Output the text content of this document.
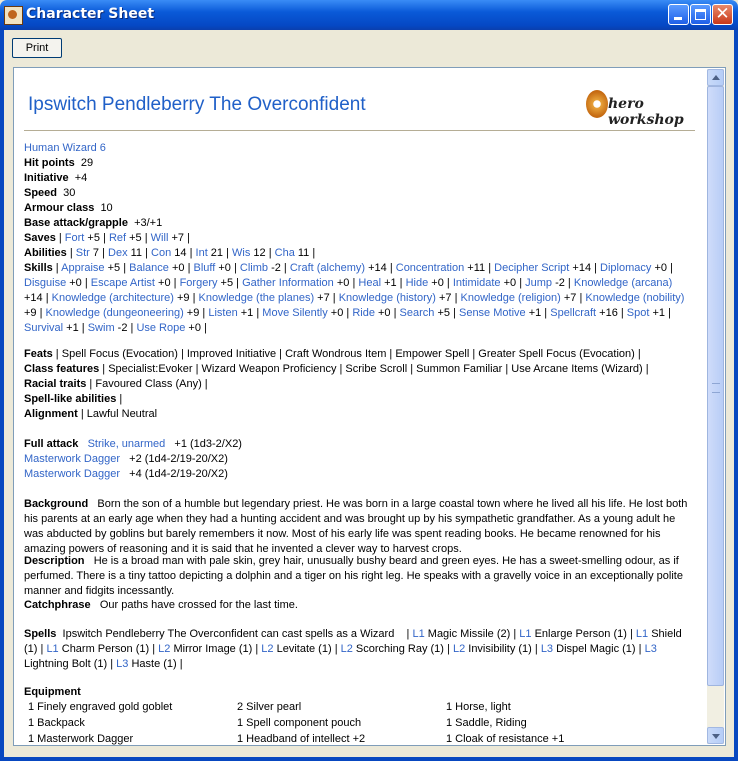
Character Sheet	✕
Print
Ipswitch Pendleberry The Overconfident	hero workshop
Human Wizard 6
Hit points 29
Initiative +4
Speed 30
Armour class 10
Base attack/grapple +3/+1
Saves | Fort +5 | Ref +5 | Will +7 |
Abilities | Str 7 | Dex 11 | Con 14 | Int 21 | Wis 12 | Cha 11 |
Skills | Appraise +5 | Balance +0 | Bluff +0 | Climb -2 | Craft (alchemy) +14 | Concentration +11 | Decipher Script +14 | Diplomacy +0 | Disguise +0 | Escape Artist +0 | Forgery +5 | Gather Information +0 | Heal +1 | Hide +0 | Intimidate +0 | Jump -2 | Knowledge (arcana) +14 | Knowledge (architecture) +9 | Knowledge (the planes) +7 | Knowledge (history) +7 | Knowledge (religion) +7 | Knowledge (nobility) +9 | Knowledge (dungeoneering) +9 | Listen +1 | Move Silently +0 | Ride +0 | Search +5 | Sense Motive +1 | Spellcraft +16 | Spot +1 | Survival +1 | Swim -2 | Use Rope +0 |
Feats | Spell Focus (Evocation) | Improved Initiative | Craft Wondrous Item | Empower Spell | Greater Spell Focus (Evocation) |
Class features | Specialist:Evoker | Wizard Weapon Proficiency | Scribe Scroll | Summon Familiar | Use Arcane Items (Wizard) |
Racial traits | Favoured Class (Any) |
Spell-like abilities |
Alignment | Lawful Neutral
Full attack Strike, unarmed +1 (1d3-2/X2)
Masterwork Dagger +2 (1d4-2/19-20/X2)
Masterwork Dagger +4 (1d4-2/19-20/X2)
Background Born the son of a humble but legendary priest. He was born in a large coastal town where he lived all his life. He lost both his parents at an early age when they had a hunting accident and was brought up by his sympathetic grandfather. As a young adult he was abducted by goblins but barely remembers it now. Most of his early life was spent reading books. He became renowned for his amazing powers of reasoning and it is said that he invented a clever way to harvest crops.
Description He is a broad man with pale skin, grey hair, unusually bushy beard and green eyes. He has a sweet-smelling odour, as if perfumed. There is a tiny tattoo depicting a dolphin and a tiger on his right leg. He speaks with a gravelly voice in an exceptionally polite manner and fidgits incessantly.
Catchphrase Our paths have crossed for the last time.
Spells Ipswitch Pendleberry The Overconfident can cast spells as a Wizard    | L1 Magic Missile (2) | L1 Enlarge Person (1) | L1 Shield (1) | L1 Charm Person (1) | L2 Mirror Image (1) | L2 Levitate (1) | L2 Scorching Ray (1) | L2 Invisibility (1) | L3 Dispel Magic (1) | L3 Lightning Bolt (1) | L3 Haste (1) |
Equipment
1 Finely engraved gold goblet	2 Silver pearl	1 Horse, light
1 Backpack	1 Spell component pouch	1 Saddle, Riding
1 Masterwork Dagger	1 Headband of intellect +2	1 Cloak of resistance +1
